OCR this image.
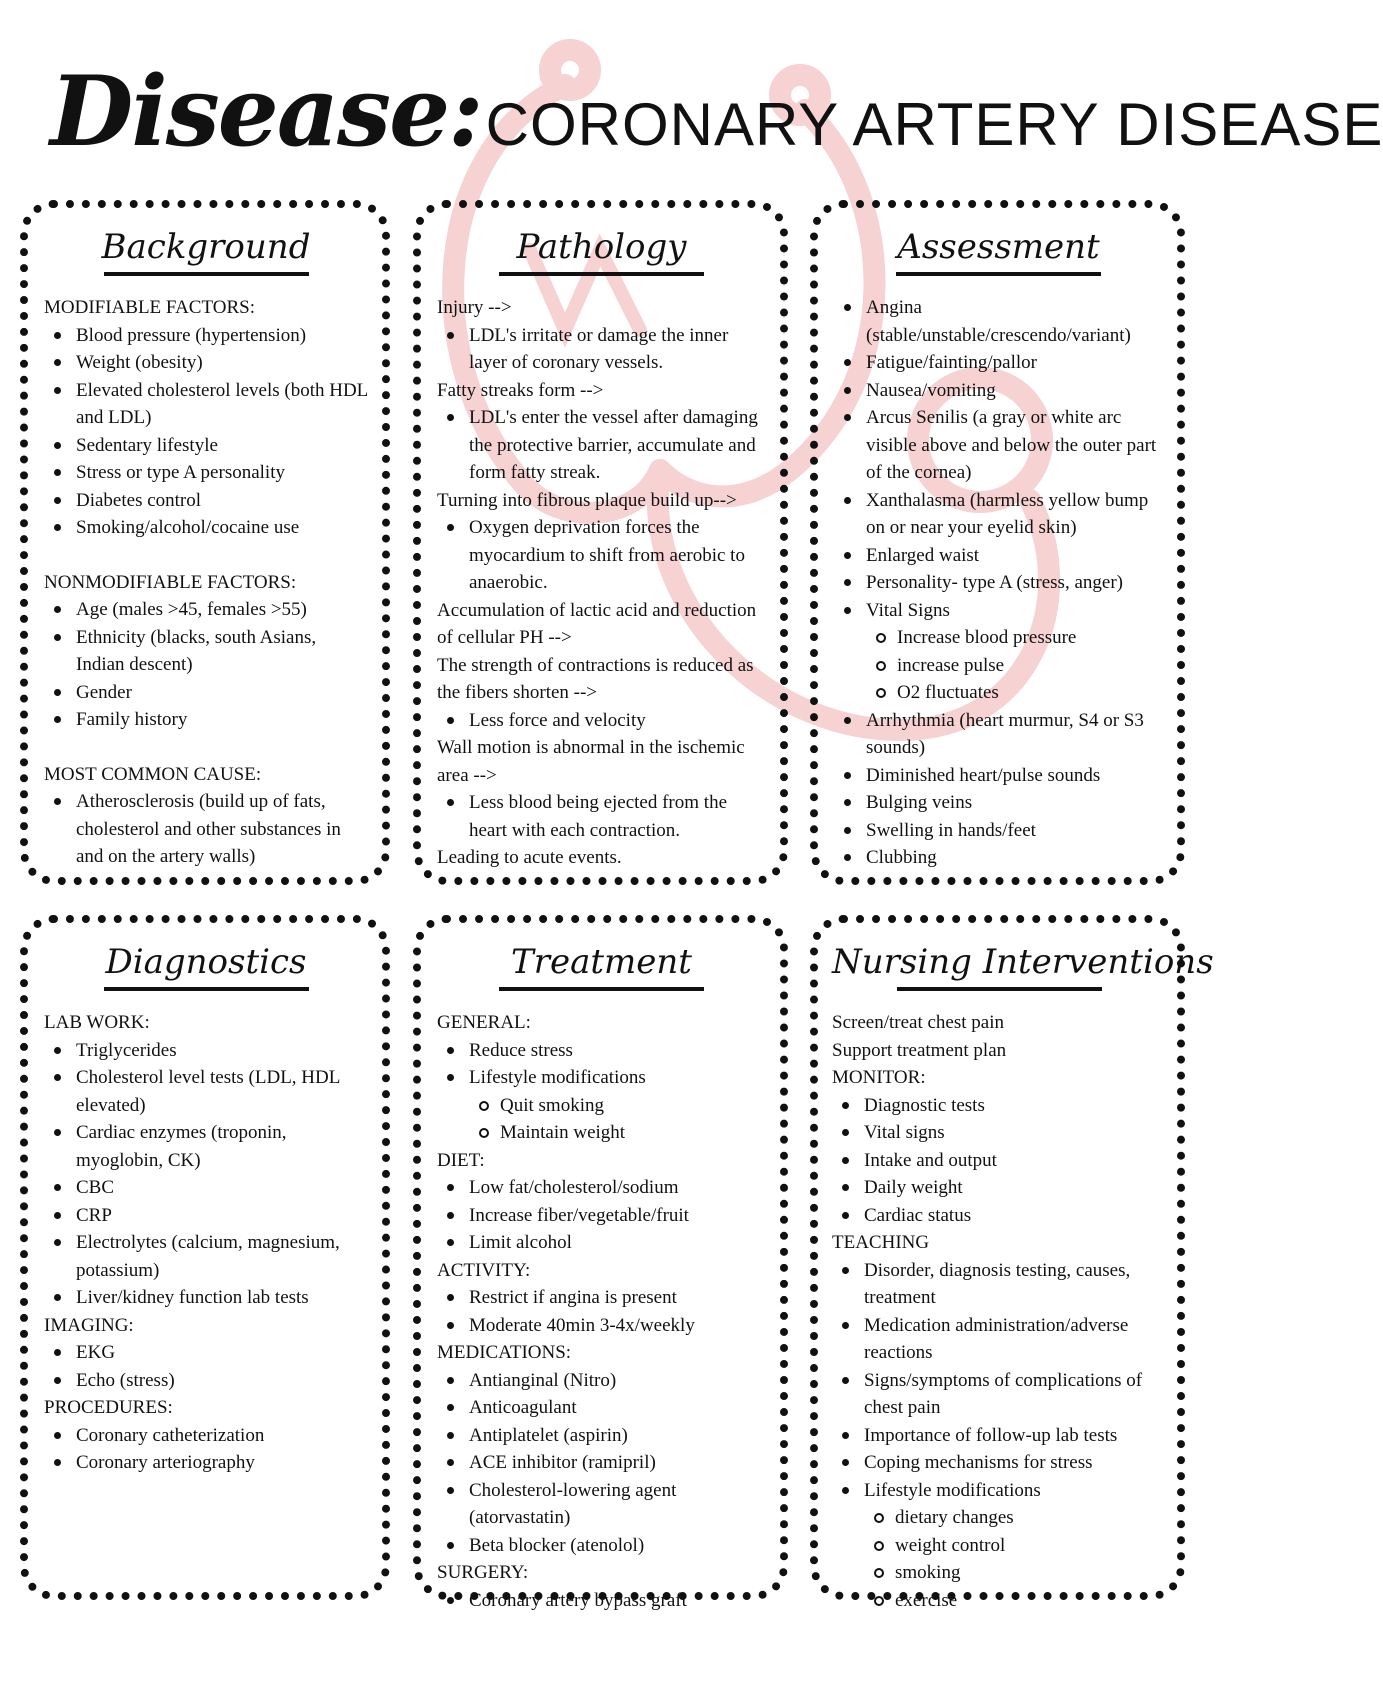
Disease: CORONARY ARTERY DISEASE
Background
MODIFIABLE FACTORS:
Blood pressure (hypertension)
Weight (obesity)
Elevated cholesterol levels (both HDL and LDL)
Sedentary lifestyle
Stress or type A personality
Diabetes control
Smoking/alcohol/cocaine use
NONMODIFIABLE FACTORS:
Age (males >45, females >55)
Ethnicity (blacks, south Asians, Indian descent)
Gender
Family history
MOST COMMON CAUSE:
Atherosclerosis (build up of fats, cholesterol and other substances in and on the artery walls)
Pathology
Injury -->
LDL's irritate or damage the inner layer of coronary vessels.
Fatty streaks form -->
LDL's enter the vessel after damaging the protective barrier, accumulate and form fatty streak.
Turning into fibrous plaque build up-->
Oxygen deprivation forces the myocardium to shift from aerobic to anaerobic.
Accumulation of lactic acid and reduction of cellular PH -->
The strength of contractions is reduced as the fibers shorten -->
Less force and velocity
Wall motion is abnormal in the ischemic area -->
Less blood being ejected from the heart with each contraction.
Leading to acute events.
Assessment
Angina (stable/unstable/crescendo/variant)
Fatigue/fainting/pallor
Nausea/vomiting
Arcus Senilis (a gray or white arc visible above and below the outer part of the cornea)
Xanthalasma (harmless yellow bump on or near your eyelid skin)
Enlarged waist
Personality- type A (stress, anger)
Vital Signs
Increase blood pressure
increase pulse
O2 fluctuates
Arrhythmia (heart murmur, S4 or S3 sounds)
Diminished heart/pulse sounds
Bulging veins
Swelling in hands/feet
Clubbing
Diagnostics
LAB WORK:
Triglycerides
Cholesterol level tests (LDL, HDL elevated)
Cardiac enzymes (troponin, myoglobin, CK)
CBC
CRP
Electrolytes (calcium, magnesium, potassium)
Liver/kidney function lab tests
IMAGING:
EKG
Echo (stress)
PROCEDURES:
Coronary catheterization
Coronary arteriography
Treatment
GENERAL:
Reduce stress
Lifestyle modifications
Quit smoking
Maintain weight
DIET:
Low fat/cholesterol/sodium
Increase fiber/vegetable/fruit
Limit alcohol
ACTIVITY:
Restrict if angina is present
Moderate 40min 3-4x/weekly
MEDICATIONS:
Antianginal (Nitro)
Anticoagulant
Antiplatelet (aspirin)
ACE inhibitor (ramipril)
Cholesterol-lowering agent (atorvastatin)
Beta blocker (atenolol)
SURGERY:
Coronary artery bypass graft
Nursing Interventions
Screen/treat chest pain
Support treatment plan
MONITOR:
Diagnostic tests
Vital signs
Intake and output
Daily weight
Cardiac status
TEACHING
Disorder, diagnosis testing, causes, treatment
Medication administration/adverse reactions
Signs/symptoms of complications of chest pain
Importance of follow-up lab tests
Coping mechanisms for stress
Lifestyle modifications
dietary changes
weight control
smoking
exercise
